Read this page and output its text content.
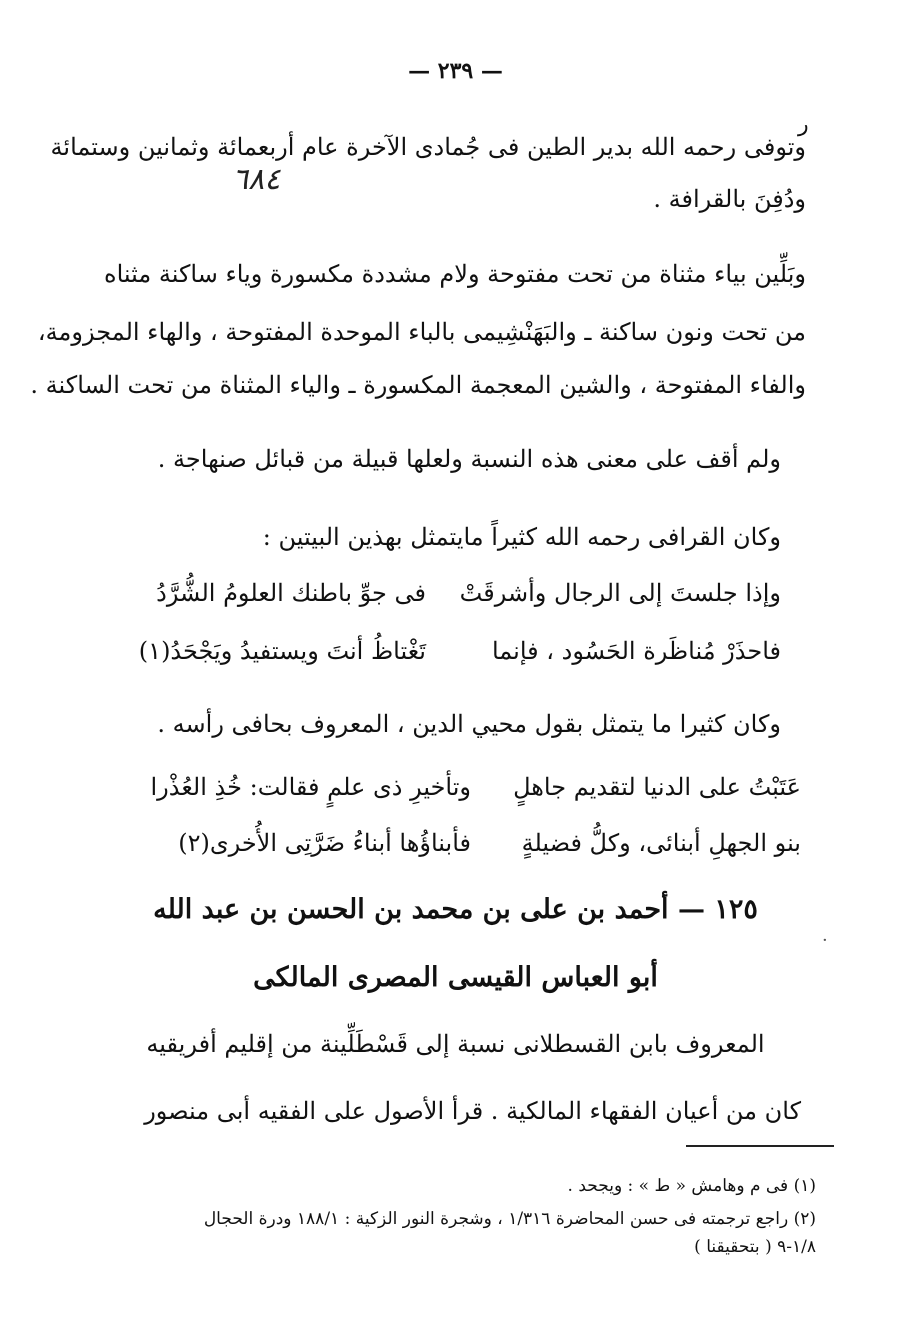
— ٢٣٩ —
ر
·
وتوفى رحمه الله بدير الطين فى جُمادى الآخرة عام أربعمائة وثمانين وستمائة
ودُفِنَ بالقرافة .
٦٨٤
وبَلِّين بياء مثناة من تحت مفتوحة ولام مشددة مكسورة وياء ساكنة مثناه
من تحت ونون ساكنة ـ والبَهَنْشِيمى بالباء الموحدة المفتوحة ، والهاء المجزومة،
والفاء المفتوحة ، والشين المعجمة المكسورة ـ والياء المثناة من تحت الساكنة .
ولم أقف على معنى هذه النسبة ولعلها قبيلة من قبائل صنهاجة .
وكان القرافى رحمه الله كثيراً مايتمثل بهذين البيتين :
وإذا جلستَ إلى الرجال وأشرقَتْ
فى جوِّ باطنك العلومُ الشُّرَّدُ
فاحذَرْ مُناظَرة الحَسُود ، فإنما
تَغْتاظُ أنتَ ويستفيدُ ويَجْحَدُ(١)
وكان كثيرا ما يتمثل بقول محيي الدين ، المعروف بحافى رأسه .
عَتَبْتُ على الدنيا لتقديم جاهلٍ
وتأخيرِ ذى علمٍ فقالت: خُذِ العُذْرا
بنو الجهلِ أبنائى، وكلُّ فضيلةٍ
فأبناؤُها أبناءُ ضَرَّتِى الأُخرى(٢)
١٢٥ — أحمد بن على بن محمد بن الحسن بن عبد الله
أبو العباس القيسى المصرى المالكى
المعروف بابن القسطلانى نسبة إلى قَسْطَلِّينة من إقليم أفريقيه
كان من أعيان الفقهاء المالكية . قرأ الأصول على الفقيه أبى منصور
(١) فى م وهامش « ط » : ويجحد .
(٢) راجع ترجمته فى حسن المحاضرة ١/٣١٦ ، وشجرة النور الزكية : ١٨٨/١ ودرة الحجال
١/٨-٩ ( بتحقيقنا )
